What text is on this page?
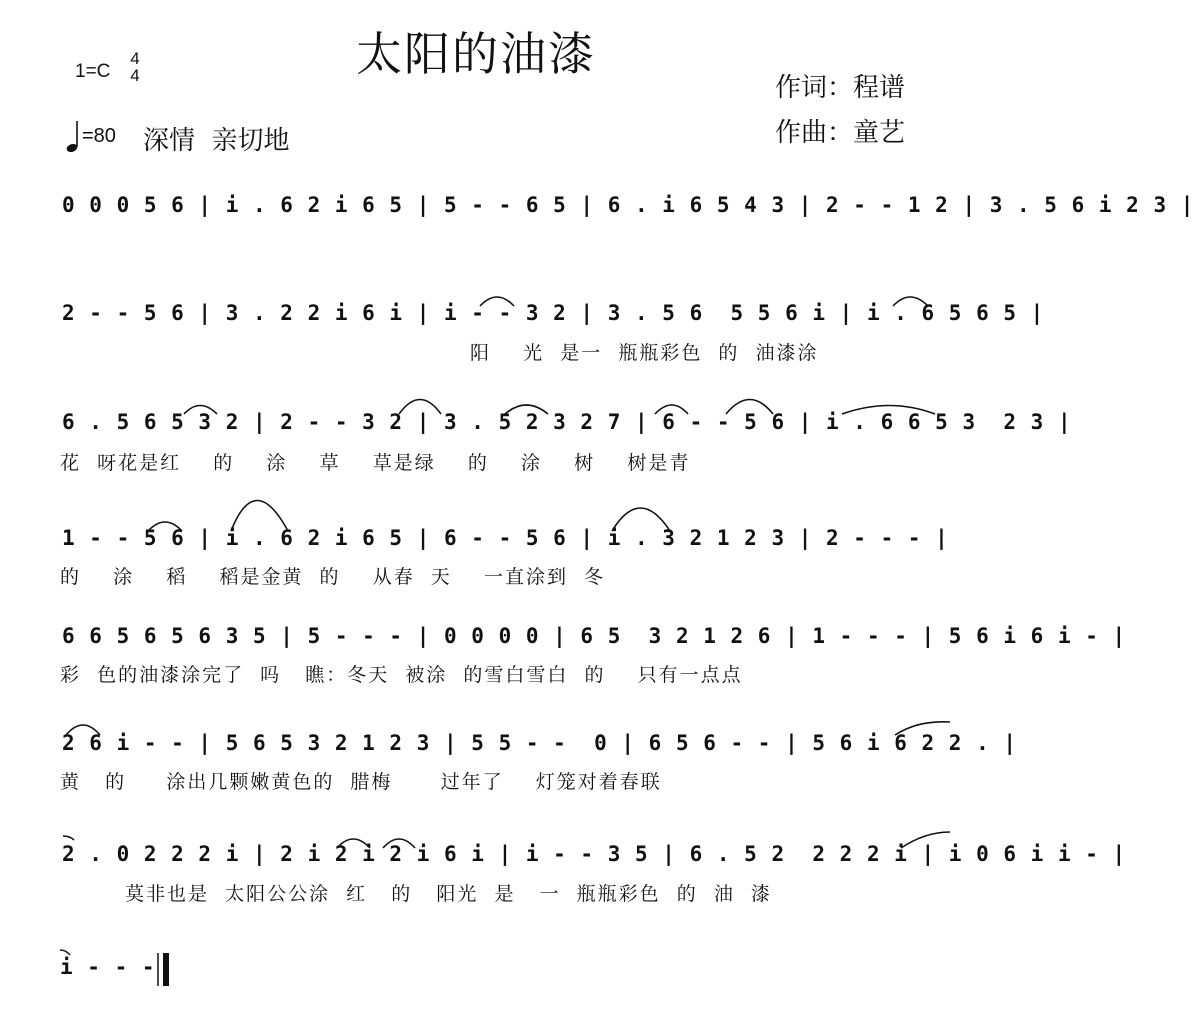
太阳的油漆
1=C
4
4	作词：程谱
作曲：童艺
=80 深情  亲切地
0 0 0 5 6 | i . 6 2 i 6 5 | 5 - - 6 5 | 6 . i 6 5 4 3 | 2 - - 1 2 | 3 . 5 6 i 2 3 |
2 - - 5 6 | 3 . 2 2 i 6 i | i - - 3 2 | 3 . 5 6  5 5 6 i | i . 6 5 6 5 |
阳    光  是一  瓶瓶彩色  的  油漆涂
6 . 5 6 5 3 2 | 2 - - 3 2 | 3 . 5 2 3 2 7 | 6 - - 5 6 | i . 6 6 5 3  2 3 |
花  呀花是红    的    涂    草    草是绿    的    涂    树    树是青
1 - - 5 6 | i . 6 2 i 6 5 | 6 - - 5 6 | i . 3 2 1 2 3 | 2 - - - |
的    涂    稻    稻是金黄  的    从春  天    一直涂到  冬
6 6 5 6 5 6 3 5 | 5 - - - | 0 0 0 0 | 6 5  3 2 1 2 6 | 1 - - - | 5 6 i 6 i - |
彩  色的油漆涂完了  吗   瞧：冬天  被涂  的雪白雪白  的    只有一点点
2 6 i - - | 5 6 5 3 2 1 2 3 | 5 5 - -  0 | 6 5 6 - - | 5 6 i 6 2 2 . |
黄   的     涂出几颗嫩黄色的  腊梅      过年了    灯笼对着春联
2 . 0 2 2 2 i | 2 i 2 i 2 i 6 i | i - - 3 5 | 6 . 5 2  2 2 2 i | i 0 6 i i - |
莫非也是  太阳公公涂  红   的   阳光  是   一  瓶瓶彩色  的  油  漆
i - - -
